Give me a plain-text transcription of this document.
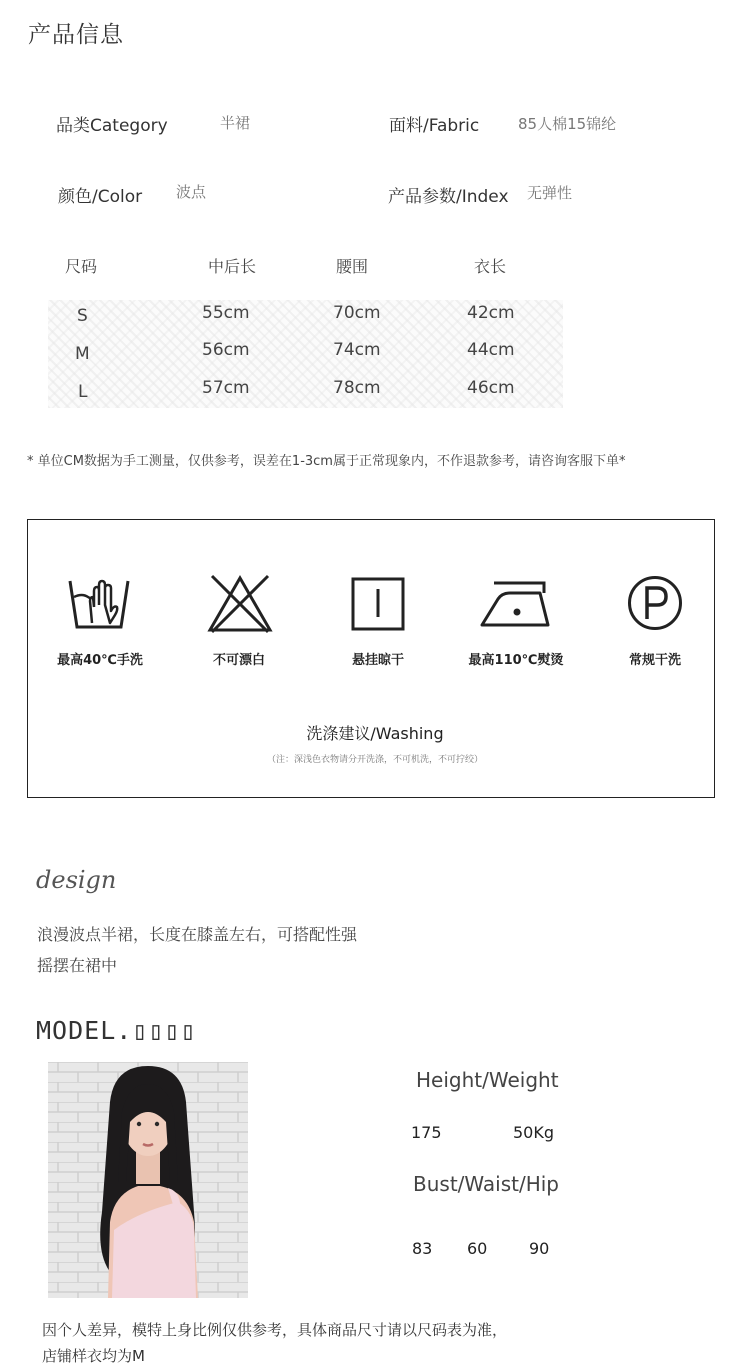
产品信息
品类Category	半裙	面料/Fabric	85人棉15锦纶
颜色/Color 波点	产品参数/Index 无弹性
尺码	中后长	腰围	衣长
S	55cm	70cm	42cm
M	56cm	74cm	44cm
L	57cm	78cm	46cm
* 单位CM数据为手工测量，仅供参考，误差在1-3cm属于正常现象内，不作退款参考，请咨询客服下单*
最高40℃手洗	不可漂白	悬挂晾干	最高110℃熨烫	常规干洗
洗涤建议/Washing
（注：深浅色衣物请分开洗涤，不可机洗，不可拧绞）
design
浪漫波点半裙，长度在膝盖左右，可搭配性强
摇摆在裙中
MODEL.▯▯▯▯
Height/Weight
175	50Kg
Bust/Waist/Hip
83 60	90
因个人差异，模特上身比例仅供参考，具体商品尺寸请以尺码表为准，
店铺样衣均为M
